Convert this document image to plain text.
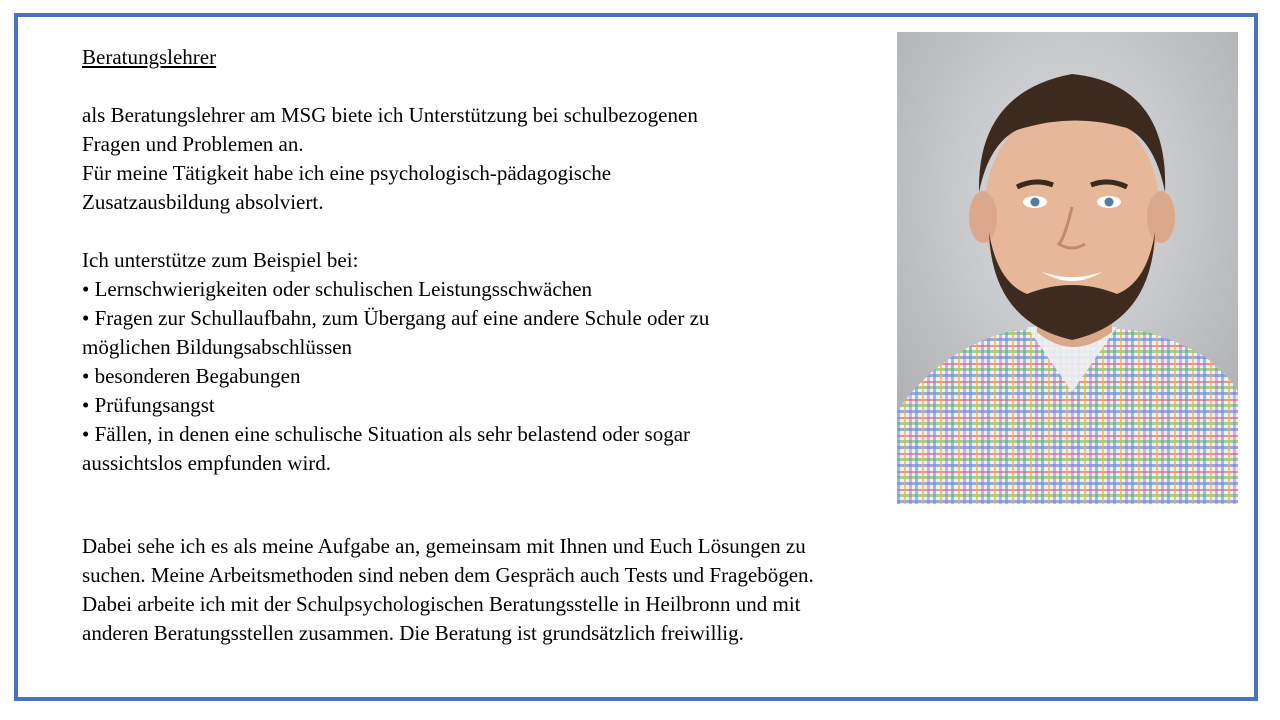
Beratungslehrer
als Beratungslehrer am MSG biete ich Unterstützung bei schulbezogenen
Fragen und Problemen an.
Für meine Tätigkeit habe ich eine psychologisch-pädagogische
Zusatzausbildung absolviert.
Ich unterstütze zum Beispiel bei:
• Lernschwierigkeiten oder schulischen Leistungsschwächen
• Fragen zur Schullaufbahn, zum Übergang auf eine andere Schule oder zu
möglichen Bildungsabschlüssen
• besonderen Begabungen
• Prüfungsangst
• Fällen, in denen eine schulische Situation als sehr belastend oder sogar
aussichtslos empfunden wird.
Dabei sehe ich es als meine Aufgabe an, gemeinsam mit Ihnen und Euch Lösungen zu
suchen. Meine Arbeitsmethoden sind neben dem Gespräch auch Tests und Fragebögen.
Dabei arbeite ich mit der Schulpsychologischen Beratungsstelle in Heilbronn und mit
anderen Beratungsstellen zusammen. Die Beratung ist grundsätzlich freiwillig.
